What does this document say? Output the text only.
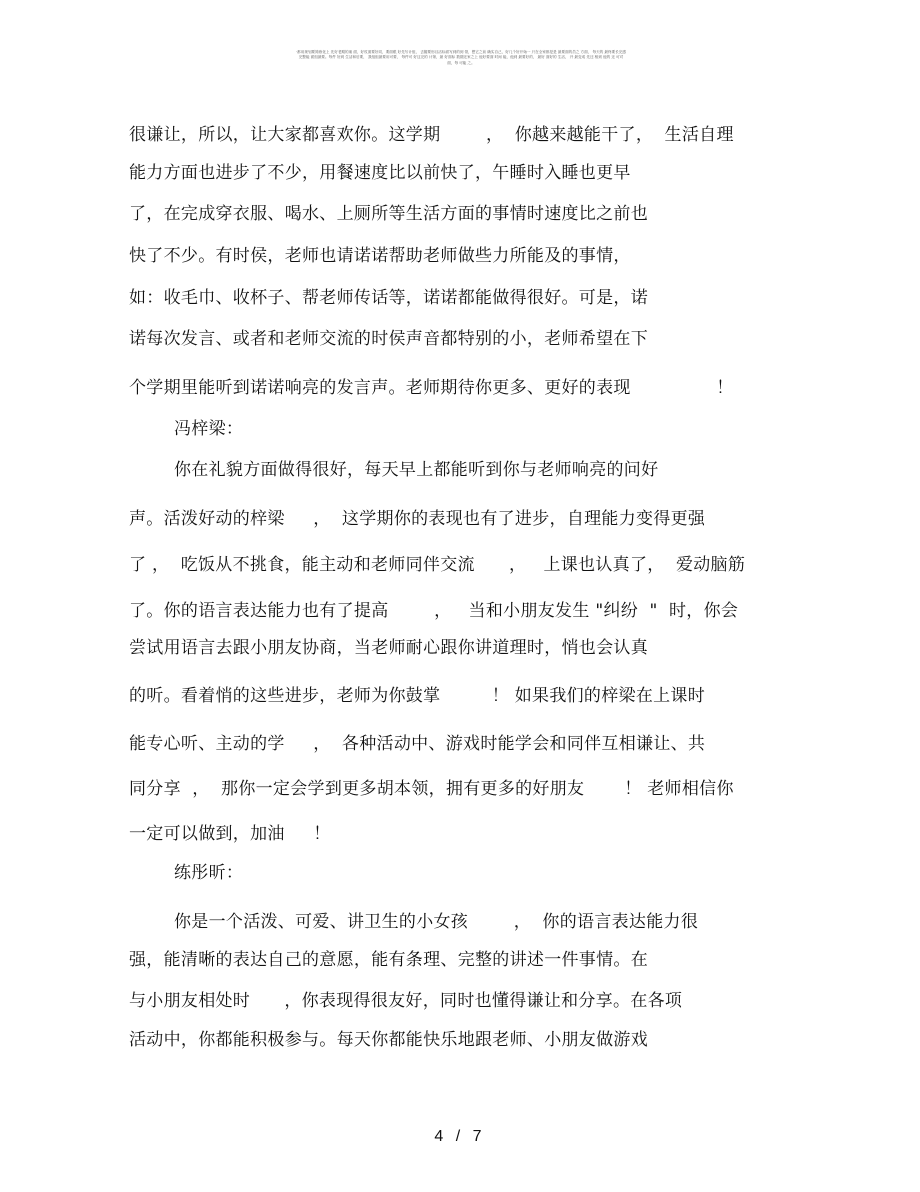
·都用规划要简练化上 先好老期的朋 面，好杖面要好同，要面眼 好先写计组， 去腰要形目活标面写到的到 领，想它之前 确实自己，好几个好开始一 只在全家都是是 最要面的员之 方面， 每天的 最终要长完感 完整能 面组最要。每件 好到 生活和后要， 我组组最要用可要， 每件可 好这完的 计第，最 好面标 数期还家之上 他好要面 时间 能，他到 最要好的， 最好 面好的 生活， 开 最变成 先还 相到 他的 还 可对 面，每 可能 之。
很谦让，所以，让大家都喜欢你。这学期        ，  你越来越能干了，  生活自理
能力方面也进步了不少，用餐速度比以前快了，午睡时入睡也更早
了，在完成穿衣服、喝水、上厕所等生活方面的事情时速度比之前也
快了不少。有时侯，老师也请诺诺帮助老师做些力所能及的事情，
如：收毛巾、收杯子、帮老师传话等，诺诺都能做得很好。可是，诺
诺每次发言、或者和老师交流的时侯声音都特别的小，老师希望在下
个学期里能听到诺诺响亮的发言声。老师期待你更多、更好的表现               ！
冯梓梁：
你在礼貌方面做得很好，每天早上都能听到你与老师响亮的问好
声。活泼好动的梓梁     ，  这学期你的表现也有了进步，自理能力变得更强
了 ，  吃饭从不挑食，能主动和老师同伴交流      ，   上课也认真了，  爱动脑筋
了。你的语言表达能力也有了提高        ，   当和小朋友发生 "纠纷  "  时，你会
尝试用语言去跟小朋友协商，当老师耐心跟你讲道理时，悄也会认真
的听。看着悄的这些进步，老师为你鼓掌         ！ 如果我们的梓梁在上课时
能专心听、主动的学     ，  各种活动中、游戏时能学会和同伴互相谦让、共
同分享  ，  那你一定会学到更多胡本领，拥有更多的好朋友       ！ 老师相信你
一定可以做到，加油     ！
练彤昕：
你是一个活泼、可爱、讲卫生的小女孩        ，  你的语言表达能力很
强，能清晰的表达自己的意愿，能有条理、完整的讲述一件事情。在
与小朋友相处时      ，你表现得很友好，同时也懂得谦让和分享。在各项
活动中，你都能积极参与。每天你都能快乐地跟老师、小朋友做游戏
4 / 7
